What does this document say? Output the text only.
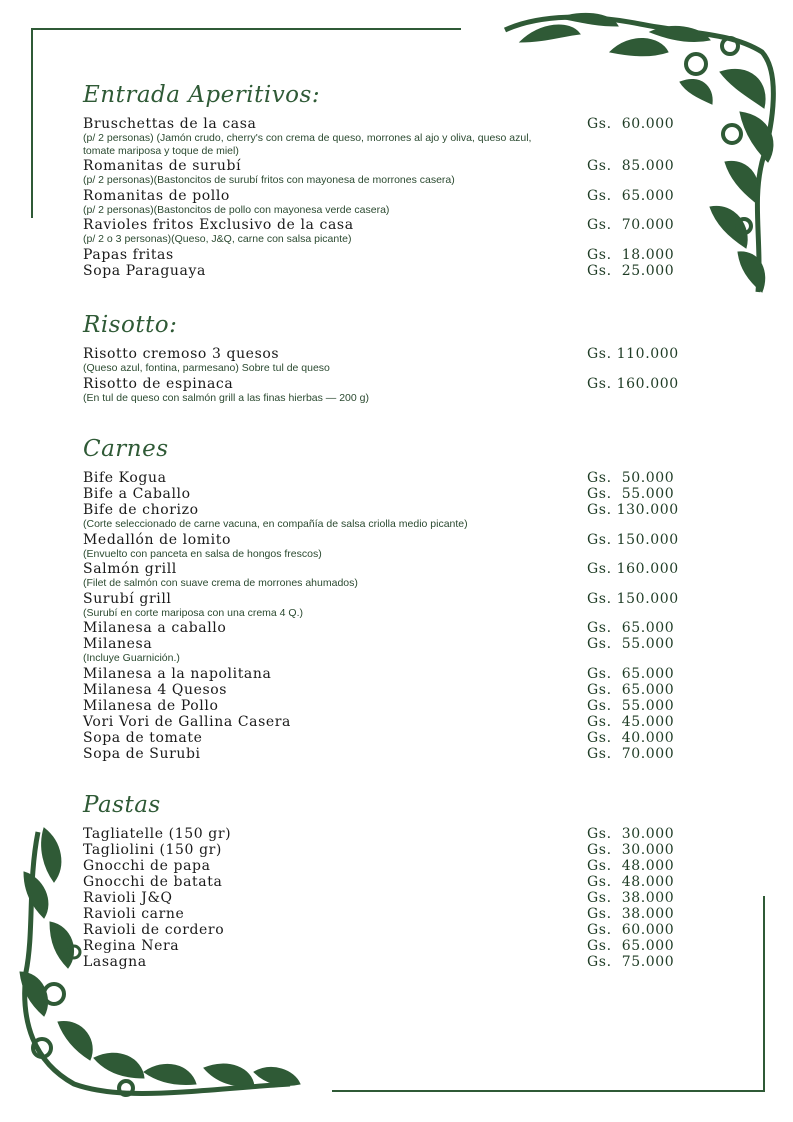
Entrada Aperitivos:
Bruschettas de la casa	Gs.  60.000
(p/ 2 personas) (Jamón crudo, cherry's con crema de queso, morrones al ajo y oliva, queso azul, tomate mariposa y toque de miel)
Romanitas de surubí	Gs.  85.000
(p/ 2 personas)(Bastoncitos de surubí fritos con mayonesa de morrones casera)
Romanitas de pollo	Gs.  65.000
(p/ 2 personas)(Bastoncitos de pollo con mayonesa verde casera)
Ravioles fritos Exclusivo de la casa	Gs.  70.000
(p/ 2 o 3 personas)(Queso, J&Q, carne con salsa picante)
Papas fritas	Gs.  18.000
Sopa Paraguaya	Gs.  25.000
Risotto:
Risotto cremoso 3 quesos	Gs. 110.000
(Queso azul, fontina, parmesano) Sobre tul de queso
Risotto de espinaca	Gs. 160.000
(En tul de queso con salmón grill a las finas hierbas — 200 g)
Carnes
Bife Kogua	Gs.  50.000
Bife a Caballo	Gs.  55.000
Bife de chorizo	Gs. 130.000
(Corte seleccionado de carne vacuna, en compañía de salsa criolla medio picante)
Medallón de lomito	Gs. 150.000
(Envuelto con panceta en salsa de hongos frescos)
Salmón grill	Gs. 160.000
(Filet de salmón con suave crema de morrones ahumados)
Surubí grill	Gs. 150.000
(Surubí en corte mariposa con una crema 4 Q.)
Milanesa a caballo	Gs.  65.000
Milanesa	Gs.  55.000
(Incluye Guarnición.)
Milanesa a la napolitana	Gs.  65.000
Milanesa 4 Quesos	Gs.  65.000
Milanesa de Pollo	Gs.  55.000
Vori Vori de Gallina Casera	Gs.  45.000
Sopa de tomate	Gs.  40.000
Sopa de Surubi	Gs.  70.000
Pastas
Tagliatelle (150 gr)	Gs.  30.000
Tagliolini (150 gr)	Gs.  30.000
Gnocchi de papa	Gs.  48.000
Gnocchi de batata	Gs.  48.000
Ravioli J&Q	Gs.  38.000
Ravioli carne	Gs.  38.000
Ravioli de cordero	Gs.  60.000
Regina Nera	Gs.  65.000
Lasagna	Gs.  75.000
